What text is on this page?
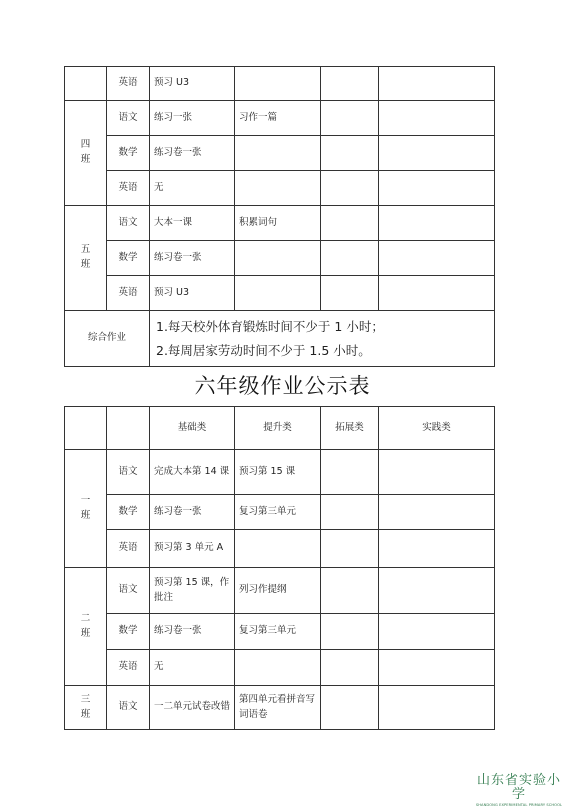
	英语	预习 U3			

四
班	语文	练习一张	习作一篇		
	数学	练习卷一张			
	英语	无			

五
班	语文	大本一课	积累词句		
	数学	练习卷一张			
	英语	预习 U3			
综合作业		1.每天校外体育锻炼时间不少于 1 小时；
2.每周居家劳动时间不少于 1.5 小时。			
六年级作业公示表
		基础类	提升类	拓展类	实践类

一
班	语文	完成大本第 14 课	预习第 15 课		
	数学	练习卷一张	复习第三单元		
	英语	预习第 3 单元 A			

二
班	语文	预习第 15 课，作批注	列习作提纲		
	数学	练习卷一张	复习第三单元		
	英语	无			

三
班	语文	一二单元试卷改错	第四单元看拼音写词语卷		
山东省实验小学
SHANDONG EXPERIMENTAL PRIMARY SCHOOL
